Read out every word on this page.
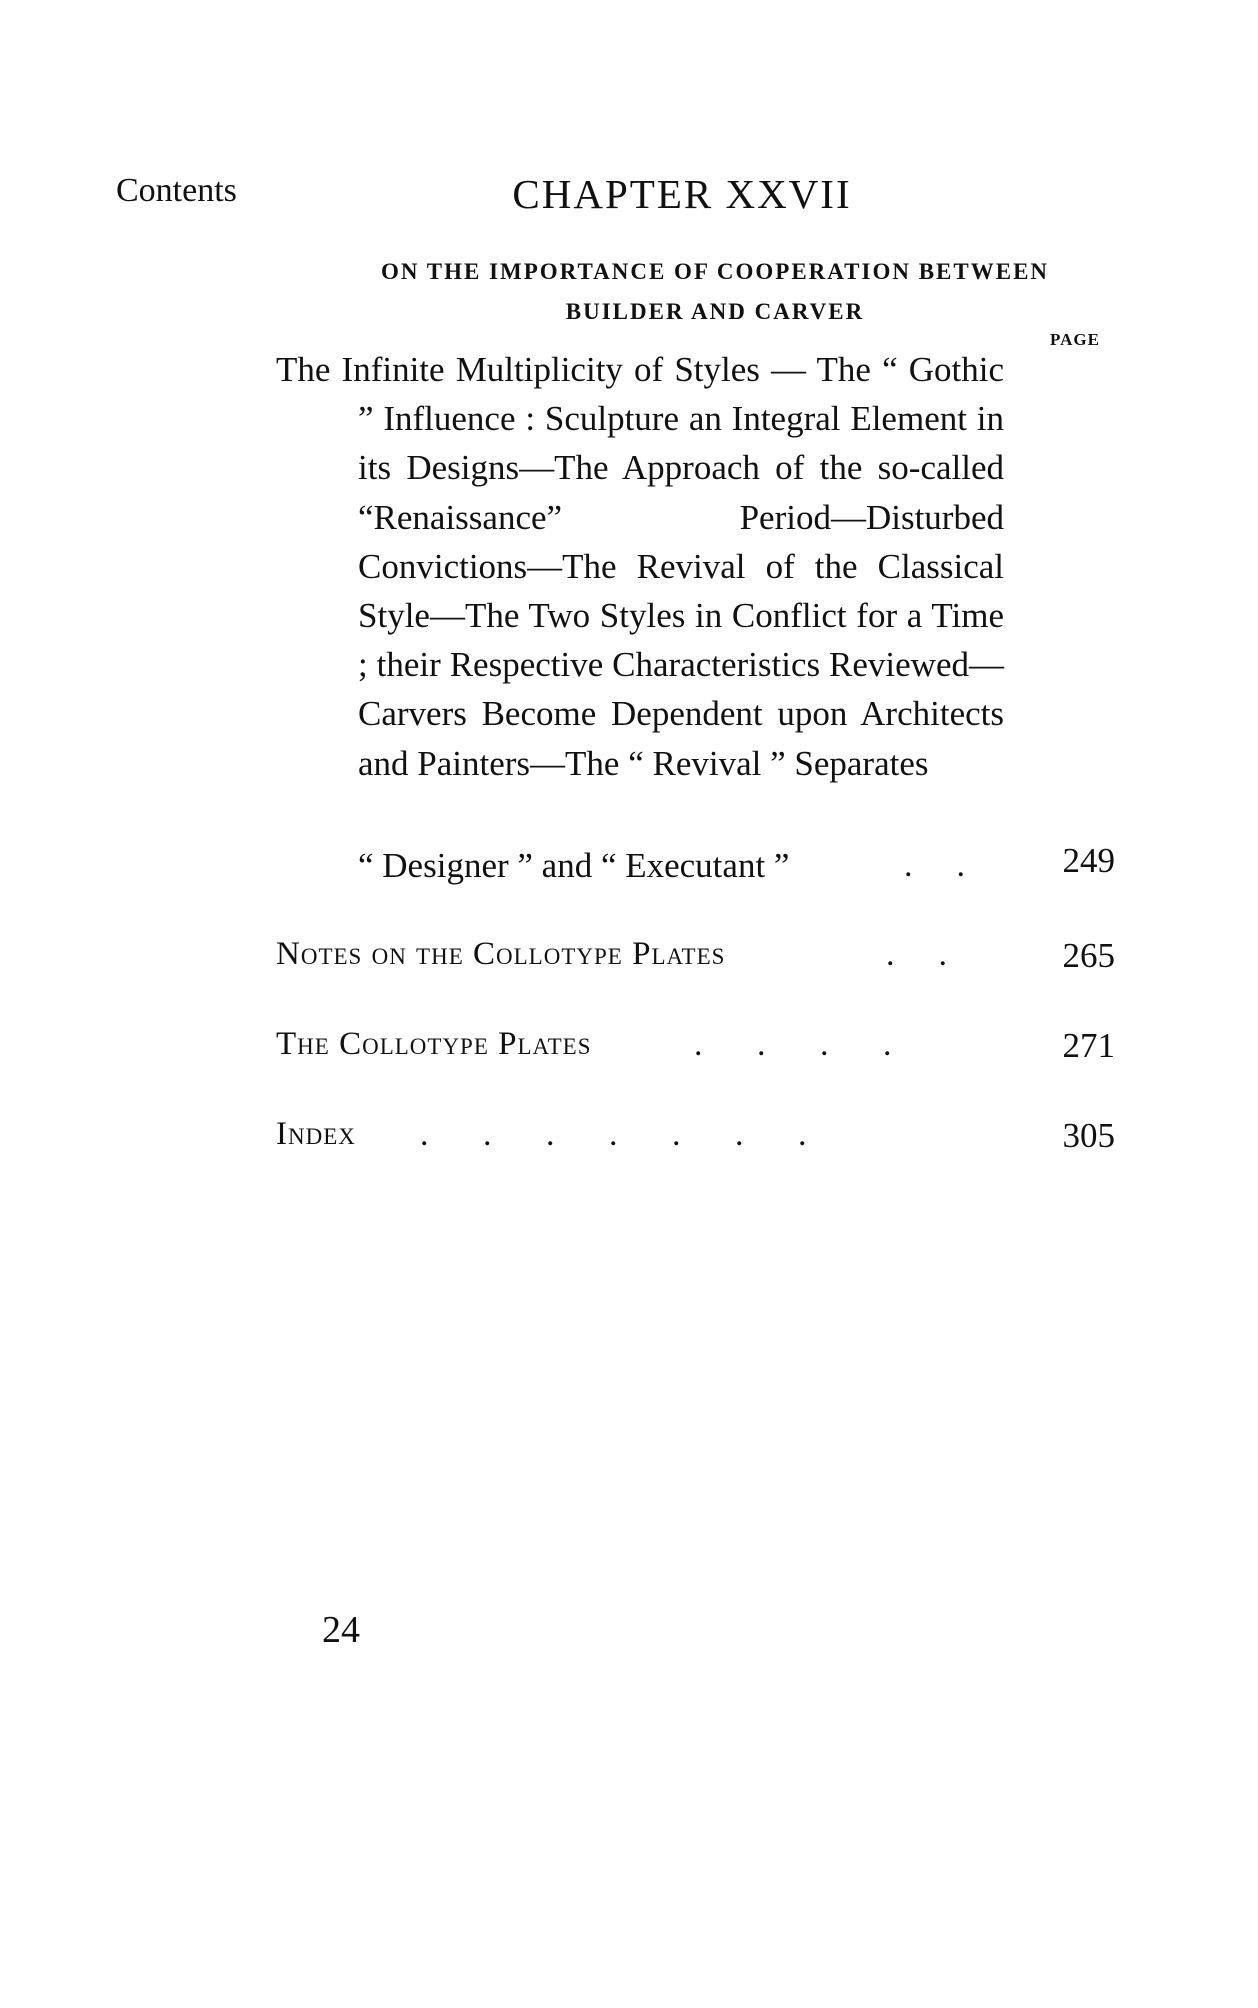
Contents	CHAPTER XXVII
ON THE IMPORTANCE OF COOPERATION BETWEEN
BUILDER AND CARVER
PAGE
The Infinite Multiplicity of Styles — The “ Gothic ” Influence : Sculpture an Integral Element in its Designs—The Approach of the so-called “Renaissance” Period—Disturbed Convictions—The Revival of the Classical Style—The Two Styles in Conflict for a Time ; their Respective Characteristics Reviewed—Carvers Become Dependent upon Architects and Painters—The “ Revival ” Separates
“ Designer ” and “ Executant ”	.    .	249
Notes on the Collotype Plates	.    .	265
The Collotype Plates	.     .     .     .	271
Index .     .     .     .     .     .     .	305
24
